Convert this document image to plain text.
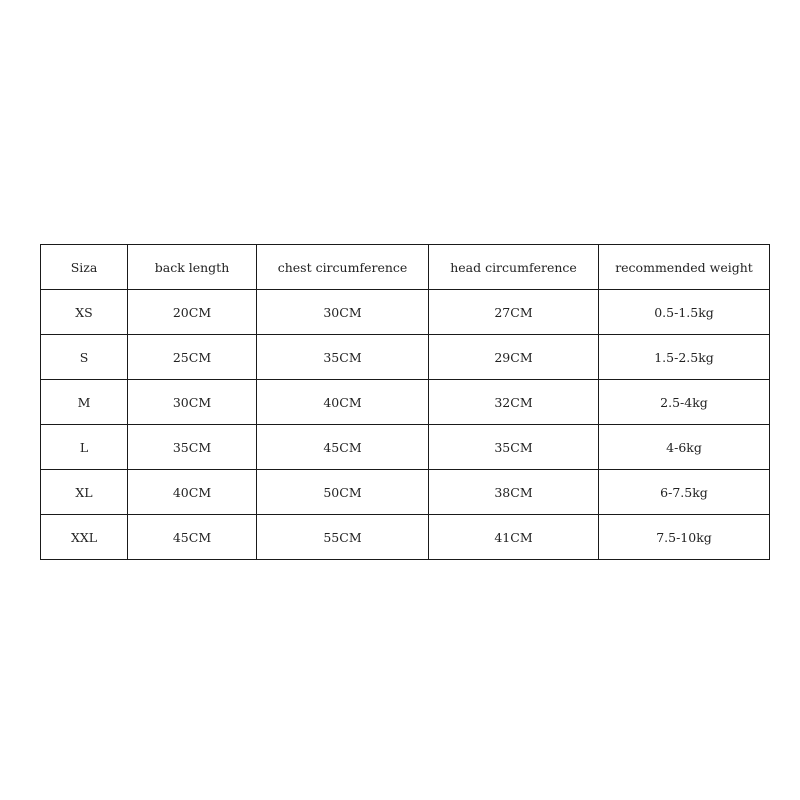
Siza	back length	chest circumference	head circumference	recommended weight
XS	20CM	30CM	27CM	0.5-1.5kg
S	25CM	35CM	29CM	1.5-2.5kg
M	30CM	40CM	32CM	2.5-4kg
L	35CM	45CM	35CM	4-6kg
XL	40CM	50CM	38CM	6-7.5kg
XXL	45CM	55CM	41CM	7.5-10kg
